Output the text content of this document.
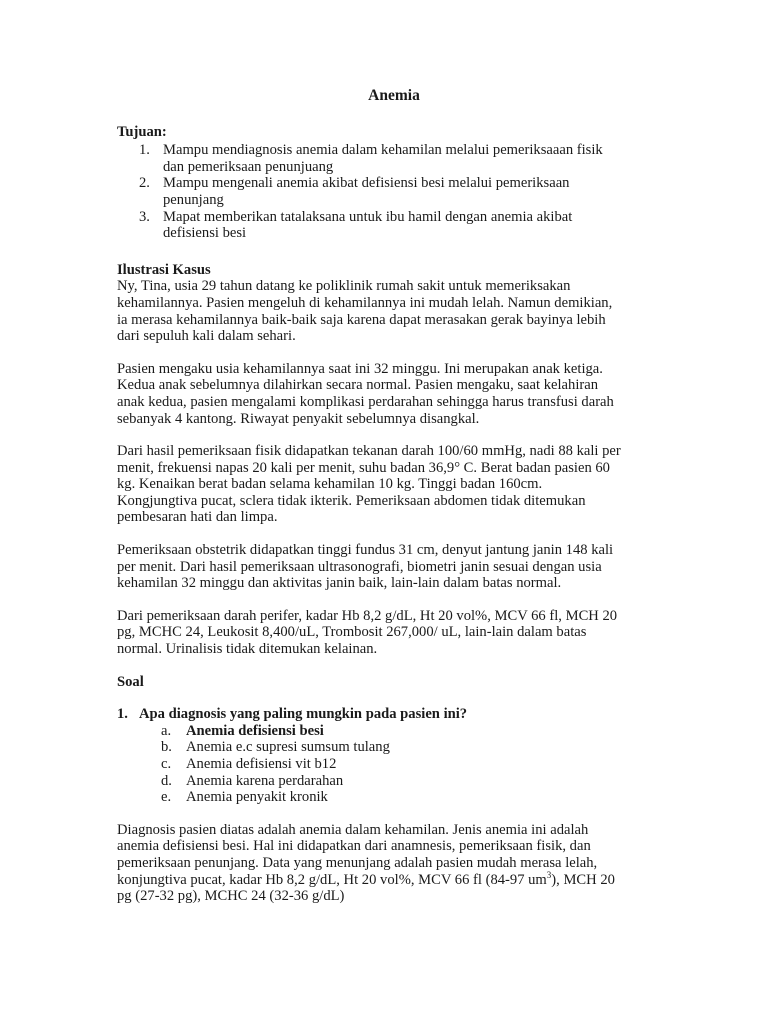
Anemia
Tujuan:
1. Mampu mendiagnosis anemia dalam kehamilan melalui pemeriksaaan fisik
dan pemeriksaan penunjuang
2. Mampu mengenali anemia akibat defisiensi besi melalui pemeriksaan
penunjang
3. Mapat memberikan tatalaksana untuk ibu hamil dengan anemia akibat
defisiensi besi
Ilustrasi Kasus
Ny, Tina, usia 29 tahun datang ke poliklinik rumah sakit untuk memeriksakan
kehamilannya. Pasien mengeluh di kehamilannya ini mudah lelah. Namun demikian,
ia merasa kehamilannya baik-baik saja karena dapat merasakan gerak bayinya lebih
dari sepuluh kali dalam sehari.
Pasien mengaku usia kehamilannya saat ini 32 minggu. Ini merupakan anak ketiga.
Kedua anak sebelumnya dilahirkan secara normal. Pasien mengaku, saat kelahiran
anak kedua, pasien mengalami komplikasi perdarahan sehingga harus transfusi darah
sebanyak 4 kantong. Riwayat penyakit sebelumnya disangkal.
Dari hasil pemeriksaan fisik didapatkan tekanan darah 100/60 mmHg, nadi 88 kali per
menit, frekuensi napas 20 kali per menit, suhu badan 36,9° C. Berat badan pasien 60
kg. Kenaikan berat badan selama kehamilan 10 kg. Tinggi badan 160cm.
Kongjungtiva pucat, sclera tidak ikterik. Pemeriksaan abdomen tidak ditemukan
pembesaran hati dan limpa.
Pemeriksaan obstetrik didapatkan tinggi fundus 31 cm, denyut jantung janin 148 kali
per menit. Dari hasil pemeriksaan ultrasonografi, biometri janin sesuai dengan usia
kehamilan 32 minggu dan aktivitas janin baik, lain-lain dalam batas normal.
Dari pemeriksaan darah perifer, kadar Hb 8,2 g/dL, Ht 20 vol%, MCV 66 fl, MCH 20
pg, MCHC 24, Leukosit 8,400/uL, Trombosit 267,000/ uL, lain-lain dalam batas
normal. Urinalisis tidak ditemukan kelainan.
Soal
1. Apa diagnosis yang paling mungkin pada pasien ini?
a. Anemia defisiensi besi
b. Anemia e.c supresi sumsum tulang
c. Anemia defisiensi vit b12
d. Anemia karena perdarahan
e. Anemia penyakit kronik
Diagnosis pasien diatas adalah anemia dalam kehamilan. Jenis anemia ini adalah
anemia defisiensi besi. Hal ini didapatkan dari anamnesis, pemeriksaan fisik, dan
pemeriksaan penunjang. Data yang menunjang adalah pasien mudah merasa lelah,
konjungtiva pucat, kadar Hb 8,2 g/dL, Ht 20 vol%, MCV 66 fl (84-97 $um^3$), MCH 20
pg (27-32 pg), MCHC 24 (32-36 g/dL)
